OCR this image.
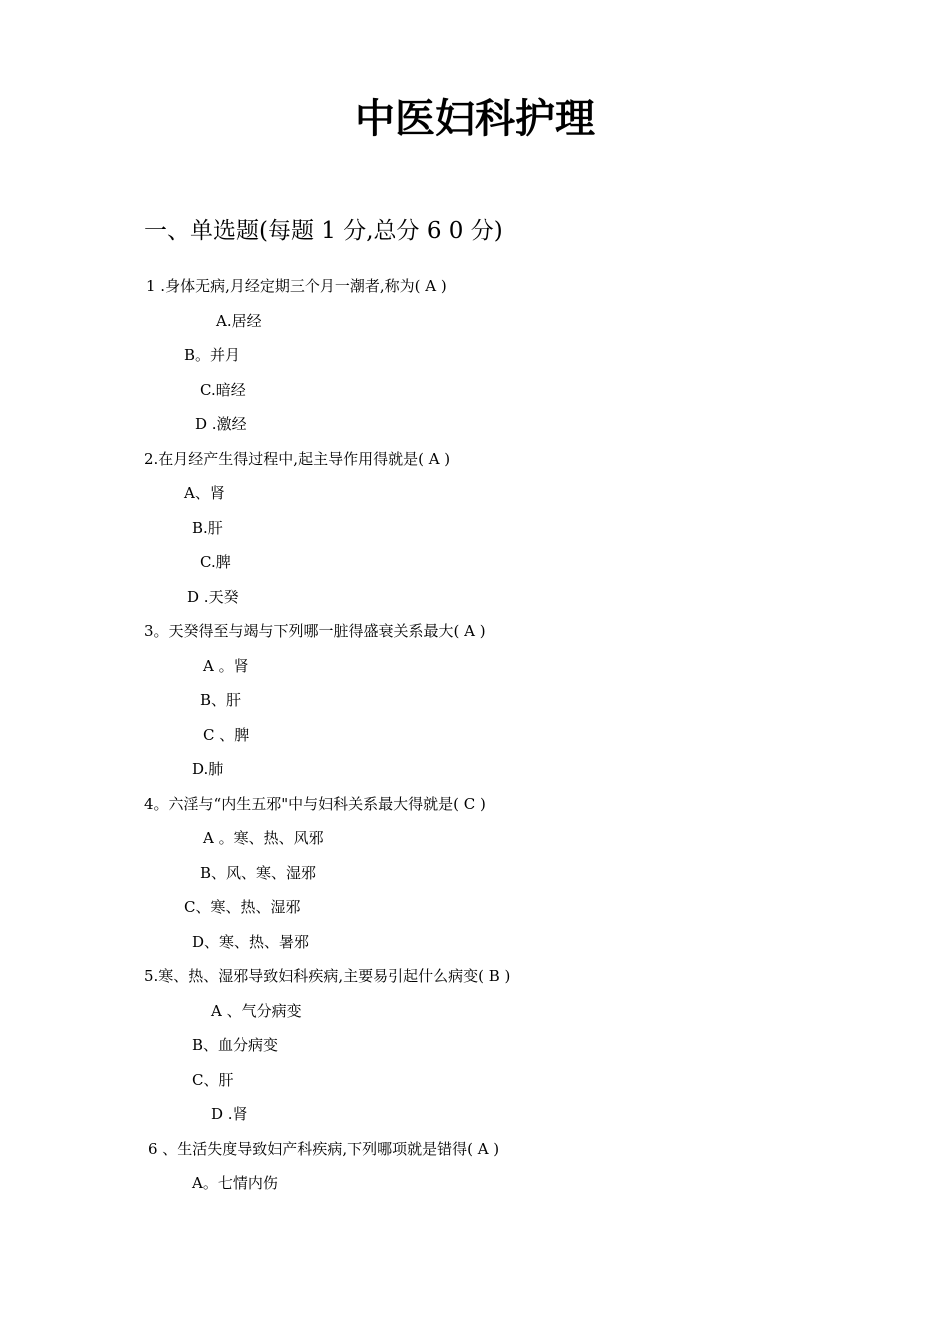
中医妇科护理
一、单选题(每题 1 分,总分 6 0 分)
1 .身体无病,月经定期三个月一潮者,称为( A )
A.居经
B。并月
C.暗经
D .激经
2.在月经产生得过程中,起主导作用得就是( A )
A、肾
B.肝
C.脾
D .天癸
3。天癸得至与竭与下列哪一脏得盛衰关系最大( A )
A 。肾
B、肝
C 、脾
D.肺
4。六淫与“内生五邪"中与妇科关系最大得就是( C )
A 。寒、热、风邪
B、风、寒、湿邪
C、寒、热、湿邪
D、寒、热、暑邪
5.寒、热、湿邪导致妇科疾病,主要易引起什么病变( B )
A 、气分病变
B、血分病变
C、肝
D .肾
6 、生活失度导致妇产科疾病,下列哪项就是错得( A )
A。七情内伤
